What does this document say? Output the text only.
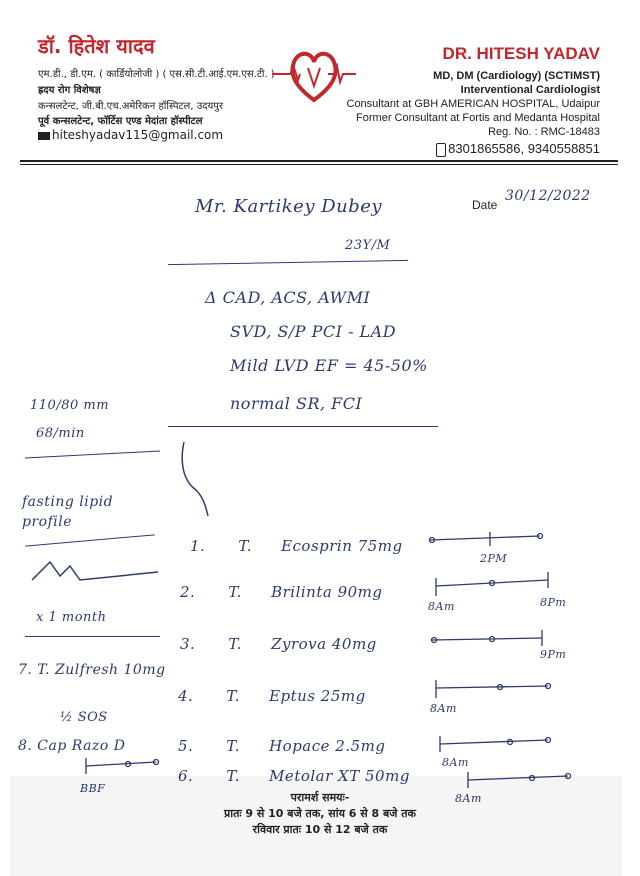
डॉ. हितेश यादव
एम.डी., डी.एम. ( कार्डियोलोजी ) ( एस.सी.टी.आई.एम.एस.टी. )
ह्रदय रोग विशेषज्ञ
कन्सलटेन्ट, जी.बी.एच.अमेरिकन हॉस्पिटल, उदयपुर
पूर्व कन्सलटेन्ट, फॉर्टिस एण्ड मेदांता हॉस्पीटल
hiteshyadav115@gmail.com
DR. HITESH YADAV
MD, DM (Cardiology) (SCTIMST)
Interventional Cardiologist
Consultant at GBH AMERICAN HOSPITAL, Udaipur
Former Consultant at Fortis and Medanta Hospital
Reg. No. : RMC-18483
8301865586, 9340558851
Date
30/12/2022
Mr. Kartikey Dubey
23Y/M
Δ CAD, ACS, AWMI
SVD, S/P PCI - LAD
Mild LVD EF = 45-50%
normal SR, FCI
110/80 mm
68/min
fasting lipid profile
x 1 month
7. T. Zulfresh 10mg
½ SOS
8. Cap Razo D
BBF
1. T. Ecosprin 75mg
2PM
2. T. Brilinta 90mg
8Am	8Pm
3. T. Zyrova 40mg
9Pm
4. T. Eptus 25mg
8Am
5. T. Hopace 2.5mg
8Am
6. T. Metolar XT 50mg
8Am
परामर्श समयः-
प्रातः 9 से 10 बजे तक, सांय 6 से 8 बजे तक
रविवार प्रातः 10 से 12 बजे तक
